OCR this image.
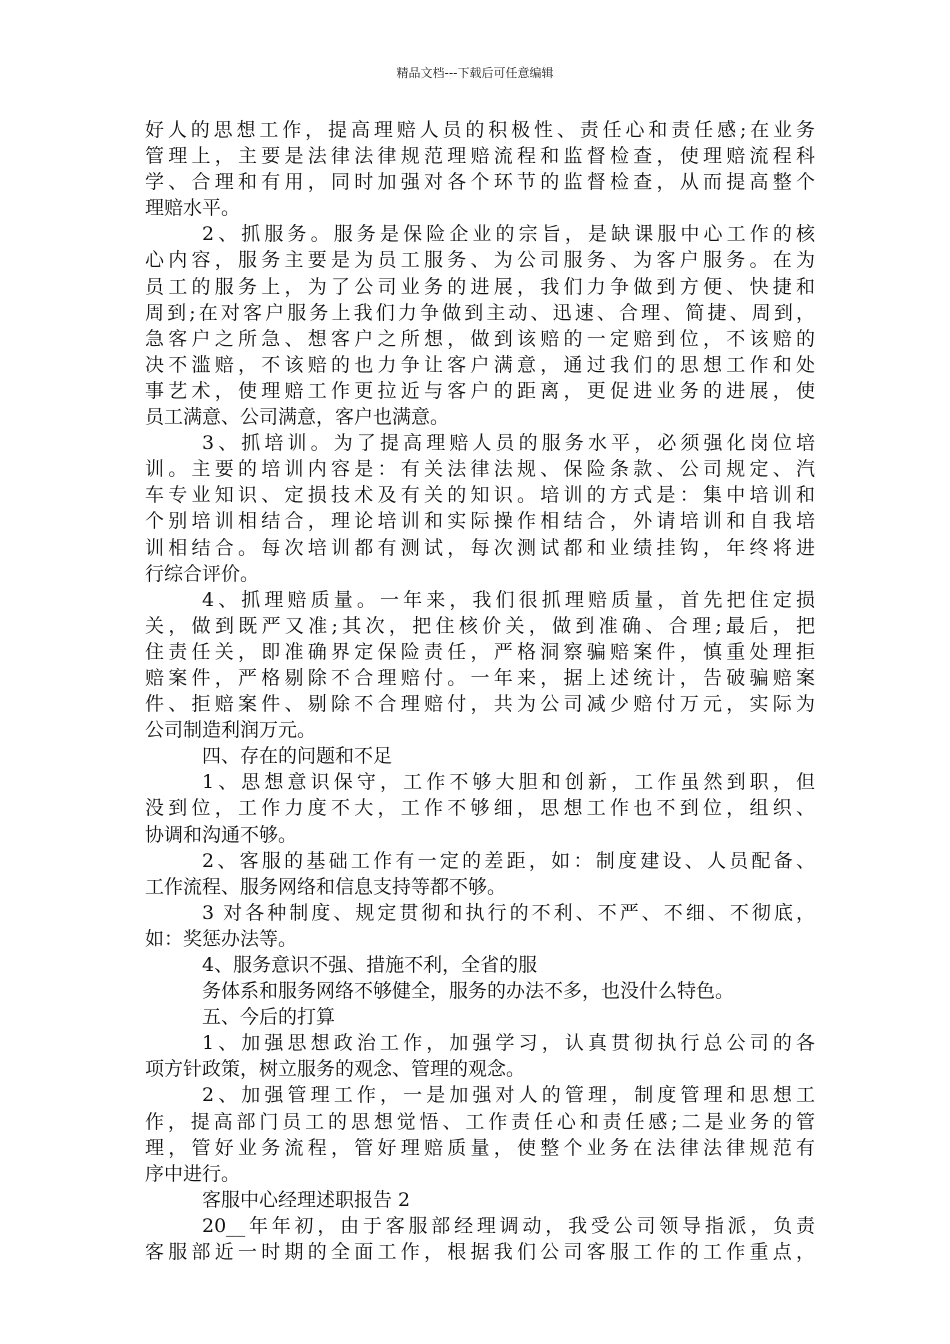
精品文档---下载后可任意编辑
好人的思想工作，提高理赔人员的积极性、责任心和责任感;在业务
管理上，主要是法律法律规范理赔流程和监督检查，使理赔流程科
学、合理和有用，同时加强对各个环节的监督检查，从而提高整个
理赔水平。
2、抓服务。服务是保险企业的宗旨，是缺课服中心工作的核
心内容，服务主要是为员工服务、为公司服务、为客户服务。在为
员工的服务上，为了公司业务的进展，我们力争做到方便、快捷和
周到;在对客户服务上我们力争做到主动、迅速、合理、简捷、周到，
急客户之所急、想客户之所想，做到该赔的一定赔到位，不该赔的
决不滥赔，不该赔的也力争让客户满意，通过我们的思想工作和处
事艺术，使理赔工作更拉近与客户的距离，更促进业务的进展，使
员工满意、公司满意，客户也满意。
3、抓培训。为了提高理赔人员的服务水平，必须强化岗位培
训。主要的培训内容是：有关法律法规、保险条款、公司规定、汽
车专业知识、定损技术及有关的知识。培训的方式是：集中培训和
个别培训相结合，理论培训和实际操作相结合，外请培训和自我培
训相结合。每次培训都有测试，每次测试都和业绩挂钩，年终将进
行综合评价。
4、抓理赔质量。一年来，我们很抓理赔质量，首先把住定损
关，做到既严又准;其次，把住核价关，做到准确、合理;最后，把
住责任关，即准确界定保险责任，严格洞察骗赔案件，慎重处理拒
赔案件，严格剔除不合理赔付。一年来，据上述统计，告破骗赔案
件、拒赔案件、剔除不合理赔付，共为公司减少赔付万元，实际为
公司制造利润万元。
四、存在的问题和不足
1、思想意识保守，工作不够大胆和创新，工作虽然到职，但
没到位，工作力度不大，工作不够细，思想工作也不到位，组织、
协调和沟通不够。
2、客服的基础工作有一定的差距，如：制度建设、人员配备、
工作流程、服务网络和信息支持等都不够。
3 对各种制度、规定贯彻和执行的不利、不严、不细、不彻底，
如：奖惩办法等。
4、服务意识不强、措施不利，全省的服
务体系和服务网络不够健全，服务的办法不多，也没什么特色。
五、今后的打算
1、加强思想政治工作，加强学习，认真贯彻执行总公司的各
项方针政策，树立服务的观念、管理的观念。
2、加强管理工作，一是加强对人的管理，制度管理和思想工
作，提高部门员工的思想觉悟、工作责任心和责任感;二是业务的管
理，管好业务流程，管好理赔质量，使整个业务在法律法律规范有
序中进行。
客服中心经理述职报告 2
20__年年初，由于客服部经理调动，我受公司领导指派，负责
客服部近一时期的全面工作，根据我们公司客服工作的工作重点，
